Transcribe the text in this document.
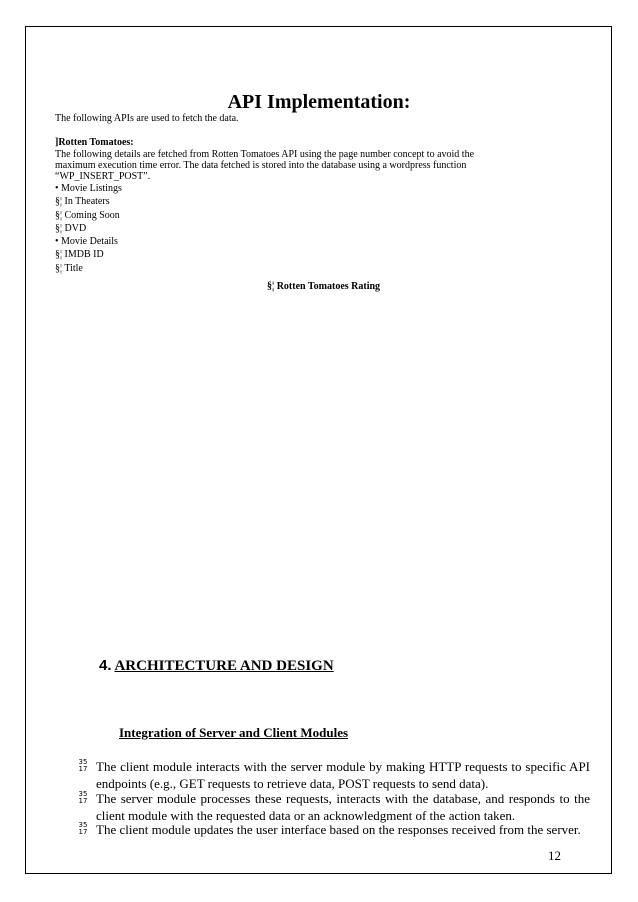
API Implementation:
The following APIs are used to fetch the data.
]Rotten Tomatoes:
The following details are fetched from Rotten Tomatoes API using the page number concept to avoid the
maximum execution time error. The data fetched is stored into the database using a wordpress function
“WP_INSERT_POST”.
• Movie Listings
§¦ In Theaters
§¦ Coming Soon
§¦ DVD
• Movie Details
§¦ IMDB ID
§¦ Title
§¦ Rotten Tomatoes Rating
4. ARCHITECTURE AND DESIGN
Integration of Server and Client Modules
35
17 The client module interacts with the server module by making HTTP requests to specific API endpoints (e.g., GET requests to retrieve data, POST requests to send data).
35
17 The server module processes these requests, interacts with the database, and responds to the client module with the requested data or an acknowledgment of the action taken.
35
17 The client module updates the user interface based on the responses received from the server.
12
